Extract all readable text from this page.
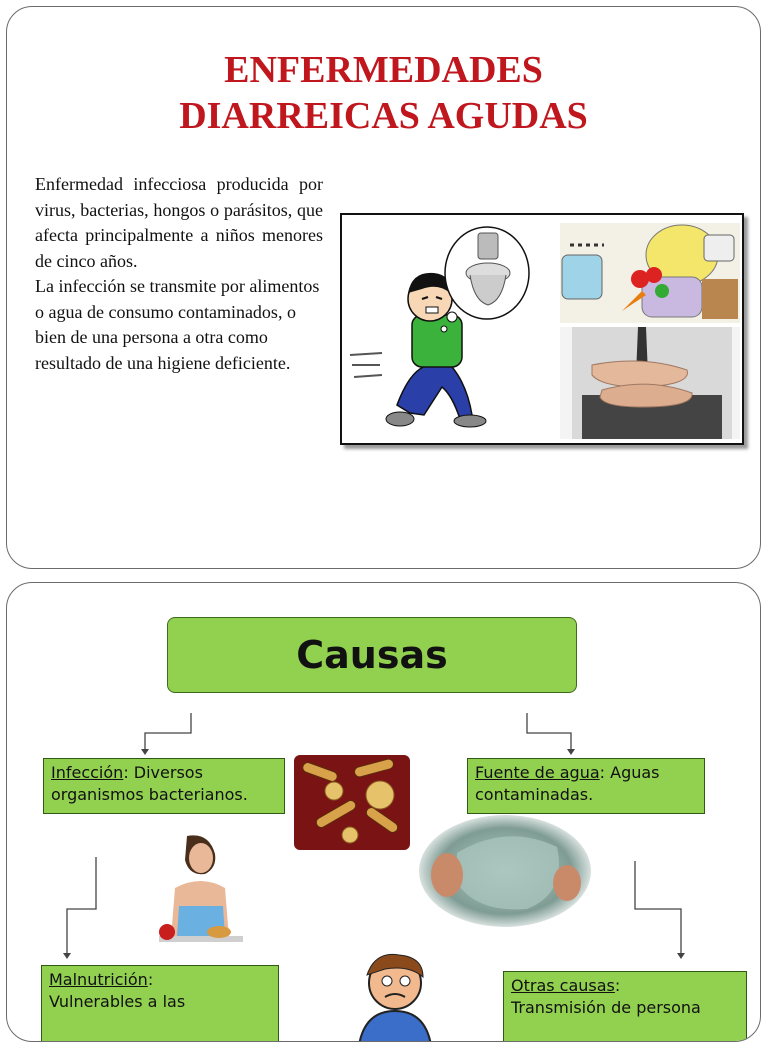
ENFERMEDADES
DIARREICAS AGUDAS

Enfermedad infecciosa producida por virus, bacterias, hongos o parásitos, que afecta principalmente a niños menores de cinco años.

La infección se transmite por alimentos o agua de consumo contaminados, o bien de una persona a otra como resultado de una higiene deficiente.

Causas
Infección: Diversos organismos bacterianos.
Fuente de agua: Aguas contaminadas.
Malnutrición:
Vulnerables a las
Otras causas:
Transmisión de persona
